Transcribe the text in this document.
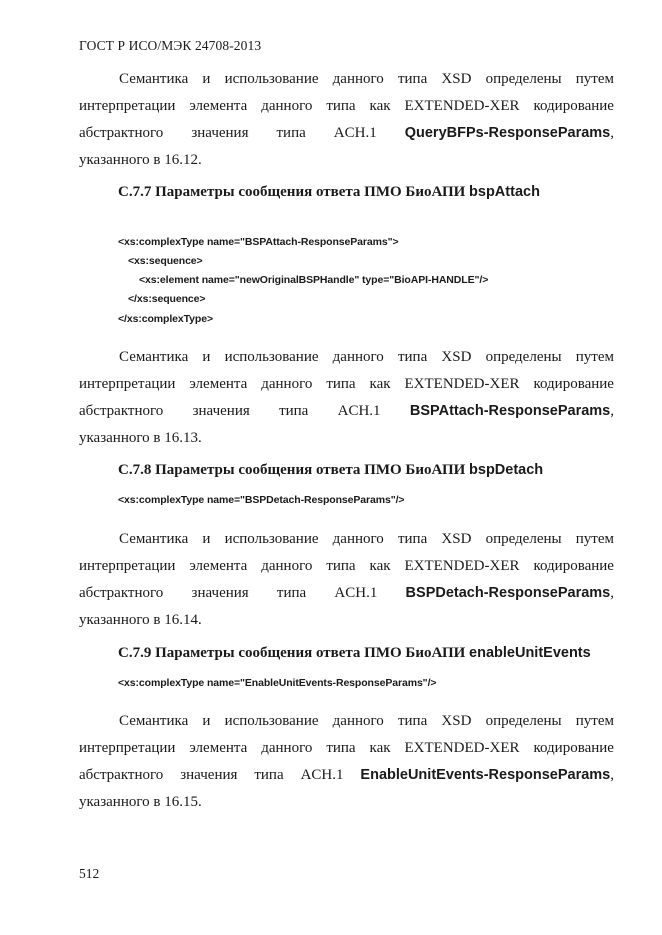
ГОСТ Р ИСО/МЭК 24708-2013
Семантика и использование данного типа XSD определены путем
интерпретации элемента данного типа как EXTENDED-XER кодирование
абстрактного значения типа ACH.1 QueryBFPs-ResponseParams,
указанного в 16.12.
C.7.7 Параметры сообщения ответа ПМО БиоАПИ bspAttach
<xs:complexType name="BSPAttach-ResponseParams">
<xs:sequence>
<xs:element name="newOriginalBSPHandle" type="BioAPI-HANDLE"/>
</xs:sequence>
</xs:complexType>
Семантика и использование данного типа XSD определены путем
интерпретации элемента данного типа как EXTENDED-XER кодирование
абстрактного значения типа ACH.1 BSPAttach-ResponseParams,
указанного в 16.13.
C.7.8 Параметры сообщения ответа ПМО БиоАПИ bspDetach
<xs:complexType name="BSPDetach-ResponseParams"/>
Семантика и использование данного типа XSD определены путем
интерпретации элемента данного типа как EXTENDED-XER кодирование
абстрактного значения типа ACH.1 BSPDetach-ResponseParams,
указанного в 16.14.
C.7.9 Параметры сообщения ответа ПМО БиоАПИ enableUnitEvents
<xs:complexType name="EnableUnitEvents-ResponseParams"/>
Семантика и использование данного типа XSD определены путем
интерпретации элемента данного типа как EXTENDED-XER кодирование
абстрактного значения типа ACH.1 EnableUnitEvents-ResponseParams,
указанного в 16.15.
512
